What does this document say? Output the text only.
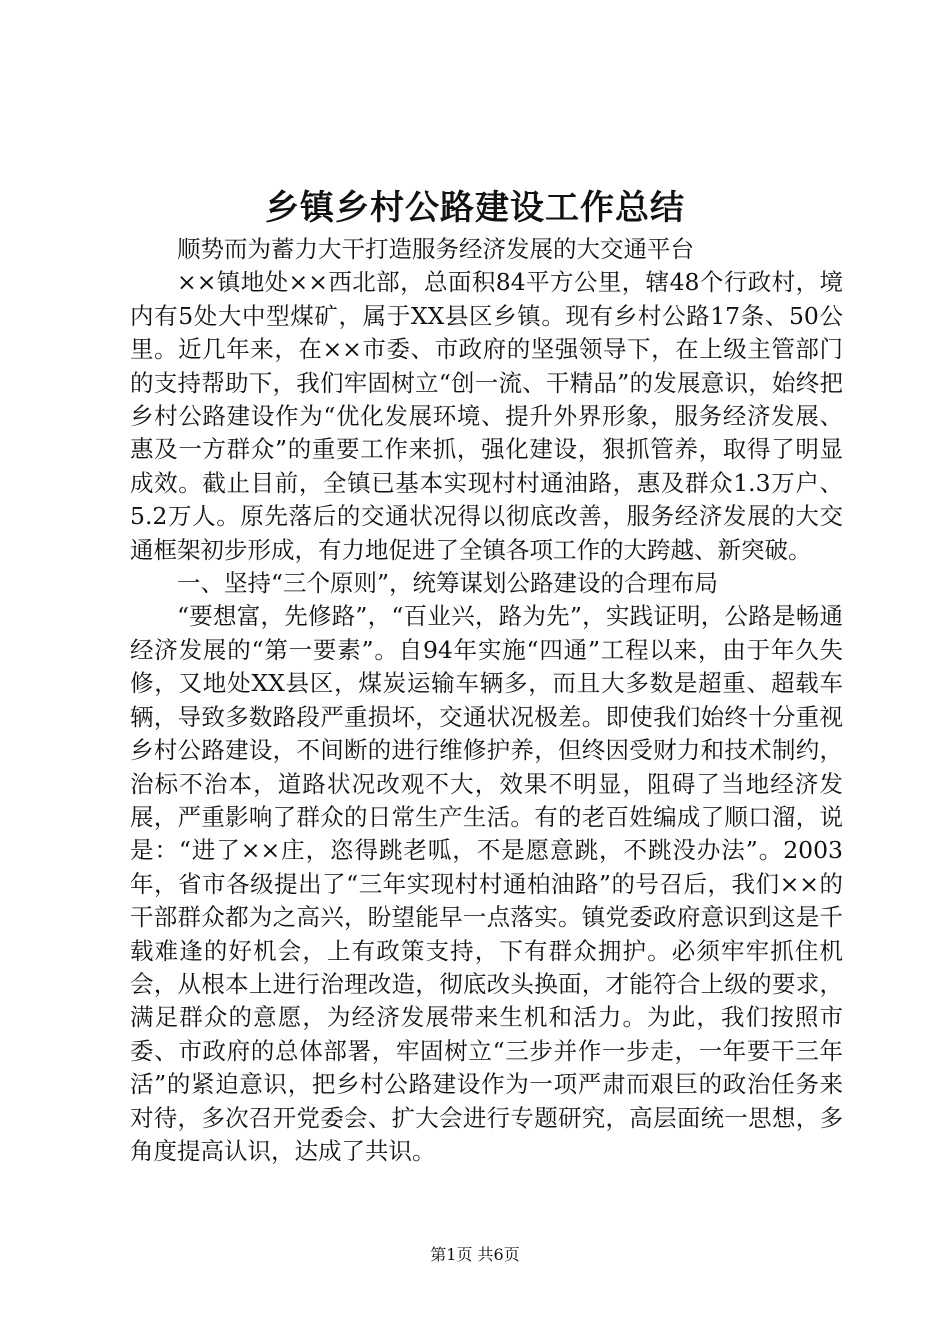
乡镇乡村公路建设工作总结

顺势而为蓄力大干打造服务经济发展的大交通平台

××镇地处××西北部，总面积84平方公里，辖48个行政村，境内有5处大中型煤矿，属于XX县区乡镇。现有乡村公路17条、50公里。近几年来，在××市委、市政府的坚强领导下，在上级主管部门的支持帮助下，我们牢固树立“创一流、干精品”的发展意识，始终把乡村公路建设作为“优化发展环境、提升外界形象，服务经济发展、惠及一方群众”的重要工作来抓，强化建设，狠抓管养，取得了明显成效。截止目前，全镇已基本实现村村通油路，惠及群众1.3万户、5.2万人。原先落后的交通状况得以彻底改善，服务经济发展的大交通框架初步形成，有力地促进了全镇各项工作的大跨越、新突破。

一、坚持“三个原则”，统筹谋划公路建设的合理布局

“要想富，先修路”，“百业兴，路为先”，实践证明，公路是畅通经济发展的“第一要素”。自94年实施“四通”工程以来，由于年久失修，又地处XX县区，煤炭运输车辆多，而且大多数是超重、超载车辆，导致多数路段严重损坏，交通状况极差。即使我们始终十分重视乡村公路建设，不间断的进行维修护养，但终因受财力和技术制约，治标不治本，道路状况改观不大，效果不明显，阻碍了当地经济发展，严重影响了群众的日常生产生活。有的老百姓编成了顺口溜，说是：“进了××庄，恣得跳老呱，不是愿意跳，不跳没办法”。2003年，省市各级提出了“三年实现村村通柏油路”的号召后，我们××的干部群众都为之高兴，盼望能早一点落实。镇党委政府意识到这是千载难逢的好机会，上有政策支持，下有群众拥护。必须牢牢抓住机会，从根本上进行治理改造，彻底改头换面，才能符合上级的要求，满足群众的意愿，为经济发展带来生机和活力。为此，我们按照市委、市政府的总体部署，牢固树立“三步并作一步走，一年要干三年活”的紧迫意识，把乡村公路建设作为一项严肃而艰巨的政治任务来对待，多次召开党委会、扩大会进行专题研究，高层面统一思想，多角度提高认识，达成了共识。

第1页 共6页
